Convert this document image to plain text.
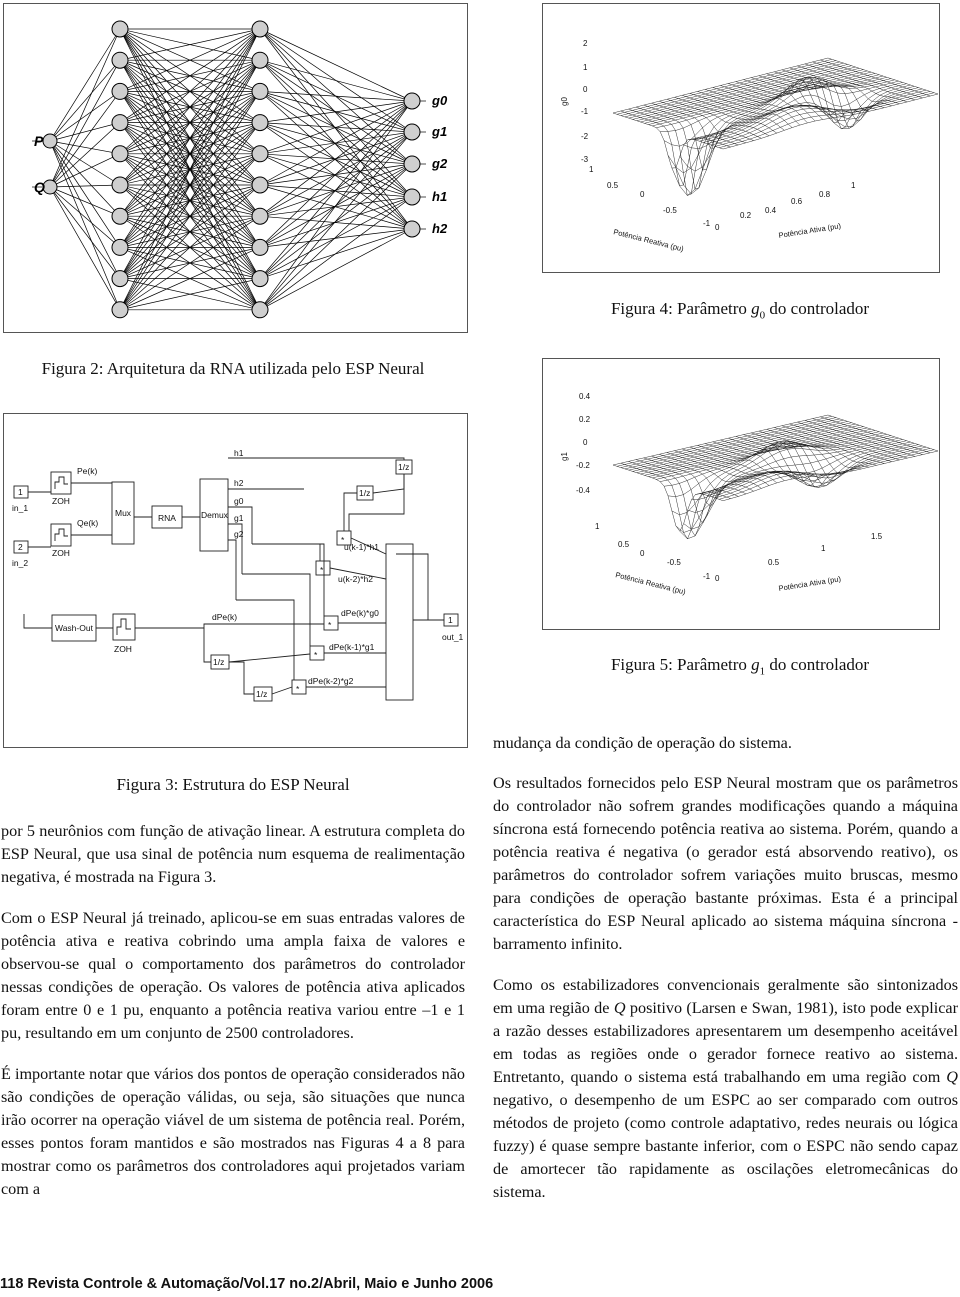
P
Q
g0
g1
g2
h1
h2
Figura 2: Arquitetura da RNA utilizada pelo ESP Neural
1
in_1
2
in_2
ZOH
ZOH
ZOH
Pe(k)
Qe(k)
Mux	RNA	Demux
h1
h2
g0
g1
g2
1/z
1/z
1/z
1/z
*
*
*
*
*
u(k-1)*h1
u(k-2)*h2
Wash-Out
dPe(k)	dPe(k)*g0
dPe(k-1)*g1
dPe(k-2)*g2
1
out_1
Figura 3: Estrutura do ESP Neural
g0
2
1
0
-1
-2
-3
1
0.5
0
-0.5
-1 0
0.2
0.4
0.6
0.8
1
Potência Reativa (pu)	Potência Ativa (pu)
Figura 4: Parâmetro $g_0$ do controlador
g1
0.4
0.2
0
-0.2
-0.4
1
0.5
0
-0.5
-1 0
0.5
1
1.5
Potência Reativa (pu)	Potência Ativa (pu)
Figura 5: Parâmetro $g_1$ do controlador

por 5 neurônios com função de ativação linear. A estrutura completa do ESP Neural, que usa sinal de potência num esquema de realimentação negativa, é mostrada na Figura 3.

Com o ESP Neural já treinado, aplicou-se em suas entradas valores de potência ativa e reativa cobrindo uma ampla faixa de valores e observou-se qual o comportamento dos parâmetros do controlador nessas condições de operação. Os valores de potência ativa aplicados foram entre 0 e 1 pu, enquanto a potência reativa variou entre –1 e 1 pu, resultando em um conjunto de 2500 controladores.

É importante notar que vários dos pontos de operação considerados não são condições de operação válidas, ou seja, são situações que nunca irão ocorrer na operação viável de um sistema de potência real. Porém, esses pontos foram mantidos e são mostrados nas Figuras 4 a 8 para mostrar como os parâmetros dos controladores aqui projetados variam com a

mudança da condição de operação do sistema.

Os resultados fornecidos pelo ESP Neural mostram que os parâmetros do controlador não sofrem grandes modificações quando a máquina síncrona está fornecendo potência reativa ao sistema. Porém, quando a potência reativa é negativa (o gerador está absorvendo reativo), os parâmetros do controlador sofrem variações muito bruscas, mesmo para condições de operação bastante próximas. Esta é a principal característica do ESP Neural aplicado ao sistema máquina síncrona - barramento infinito.

Como os estabilizadores convencionais geralmente são sintonizados em uma região de Q positivo (Larsen e Swan, 1981), isto pode explicar a razão desses estabilizadores apresentarem um desempenho aceitável em todas as regiões onde o gerador fornece reativo ao sistema. Entretanto, quando o sistema está trabalhando em uma região com Q negativo, o desempenho de um ESPC ao ser comparado com outros métodos de projeto (como controle adaptativo, redes neurais ou lógica fuzzy) é quase sempre bastante inferior, com o ESPC não sendo capaz de amortecer tão rapidamente as oscilações eletromecânicas do sistema.

118 Revista Controle & Automação/Vol.17 no.2/Abril, Maio e Junho 2006
